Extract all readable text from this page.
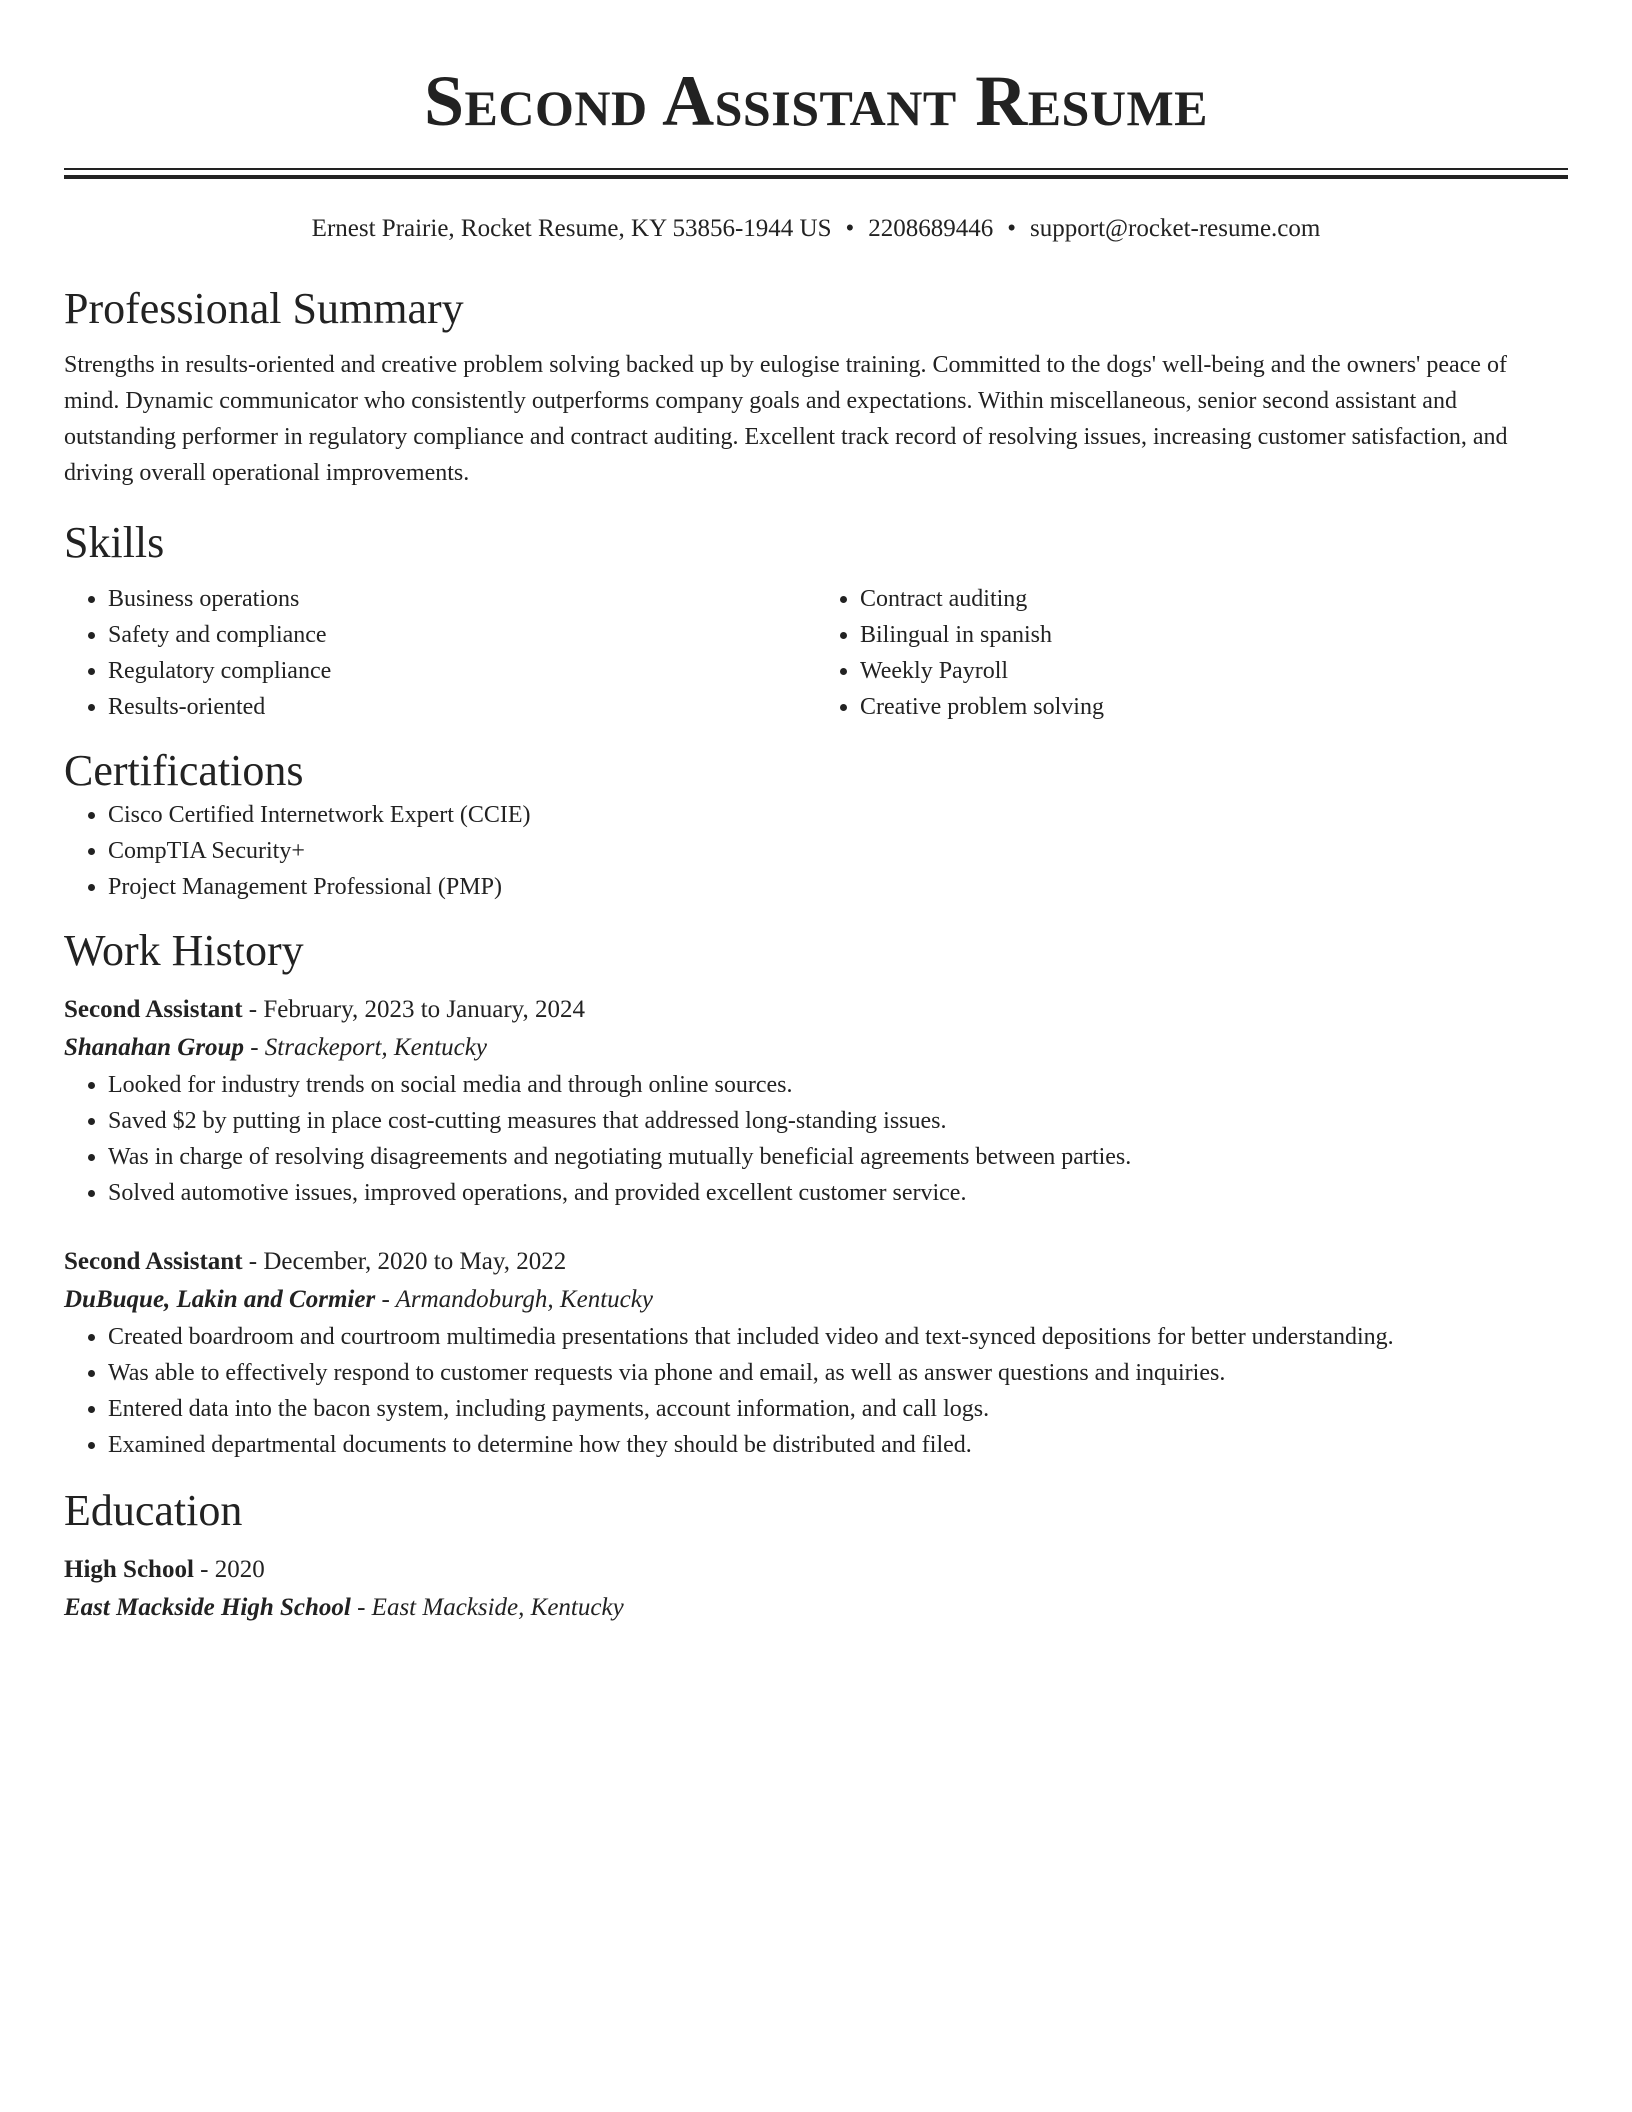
Second Assistant Resume
Ernest Prairie, Rocket Resume, KY 53856-1944 US • 2208689446 • support@rocket-resume.com
Professional Summary
Strengths in results-oriented and creative problem solving backed up by eulogise training. Committed to the dogs' well-being and the owners' peace of mind. Dynamic communicator who consistently outperforms company goals and expectations. Within miscellaneous, senior second assistant and outstanding performer in regulatory compliance and contract auditing. Excellent track record of resolving issues, increasing customer satisfaction, and driving overall operational improvements.
Skills
• Business operations
• Safety and compliance
• Regulatory compliance
• Results-oriented
• Contract auditing
• Bilingual in spanish
• Weekly Payroll
• Creative problem solving
Certifications
• Cisco Certified Internetwork Expert (CCIE)
• CompTIA Security+
• Project Management Professional (PMP)
Work History
Second Assistant - February, 2023 to January, 2024
Shanahan Group - Strackeport, Kentucky
• Looked for industry trends on social media and through online sources.
• Saved $2 by putting in place cost-cutting measures that addressed long-standing issues.
• Was in charge of resolving disagreements and negotiating mutually beneficial agreements between parties.
• Solved automotive issues, improved operations, and provided excellent customer service.
Second Assistant - December, 2020 to May, 2022
DuBuque, Lakin and Cormier - Armandoburgh, Kentucky
• Created boardroom and courtroom multimedia presentations that included video and text-synced depositions for better understanding.
• Was able to effectively respond to customer requests via phone and email, as well as answer questions and inquiries.
• Entered data into the bacon system, including payments, account information, and call logs.
• Examined departmental documents to determine how they should be distributed and filed.
Education
High School - 2020
East Mackside High School - East Mackside, Kentucky
